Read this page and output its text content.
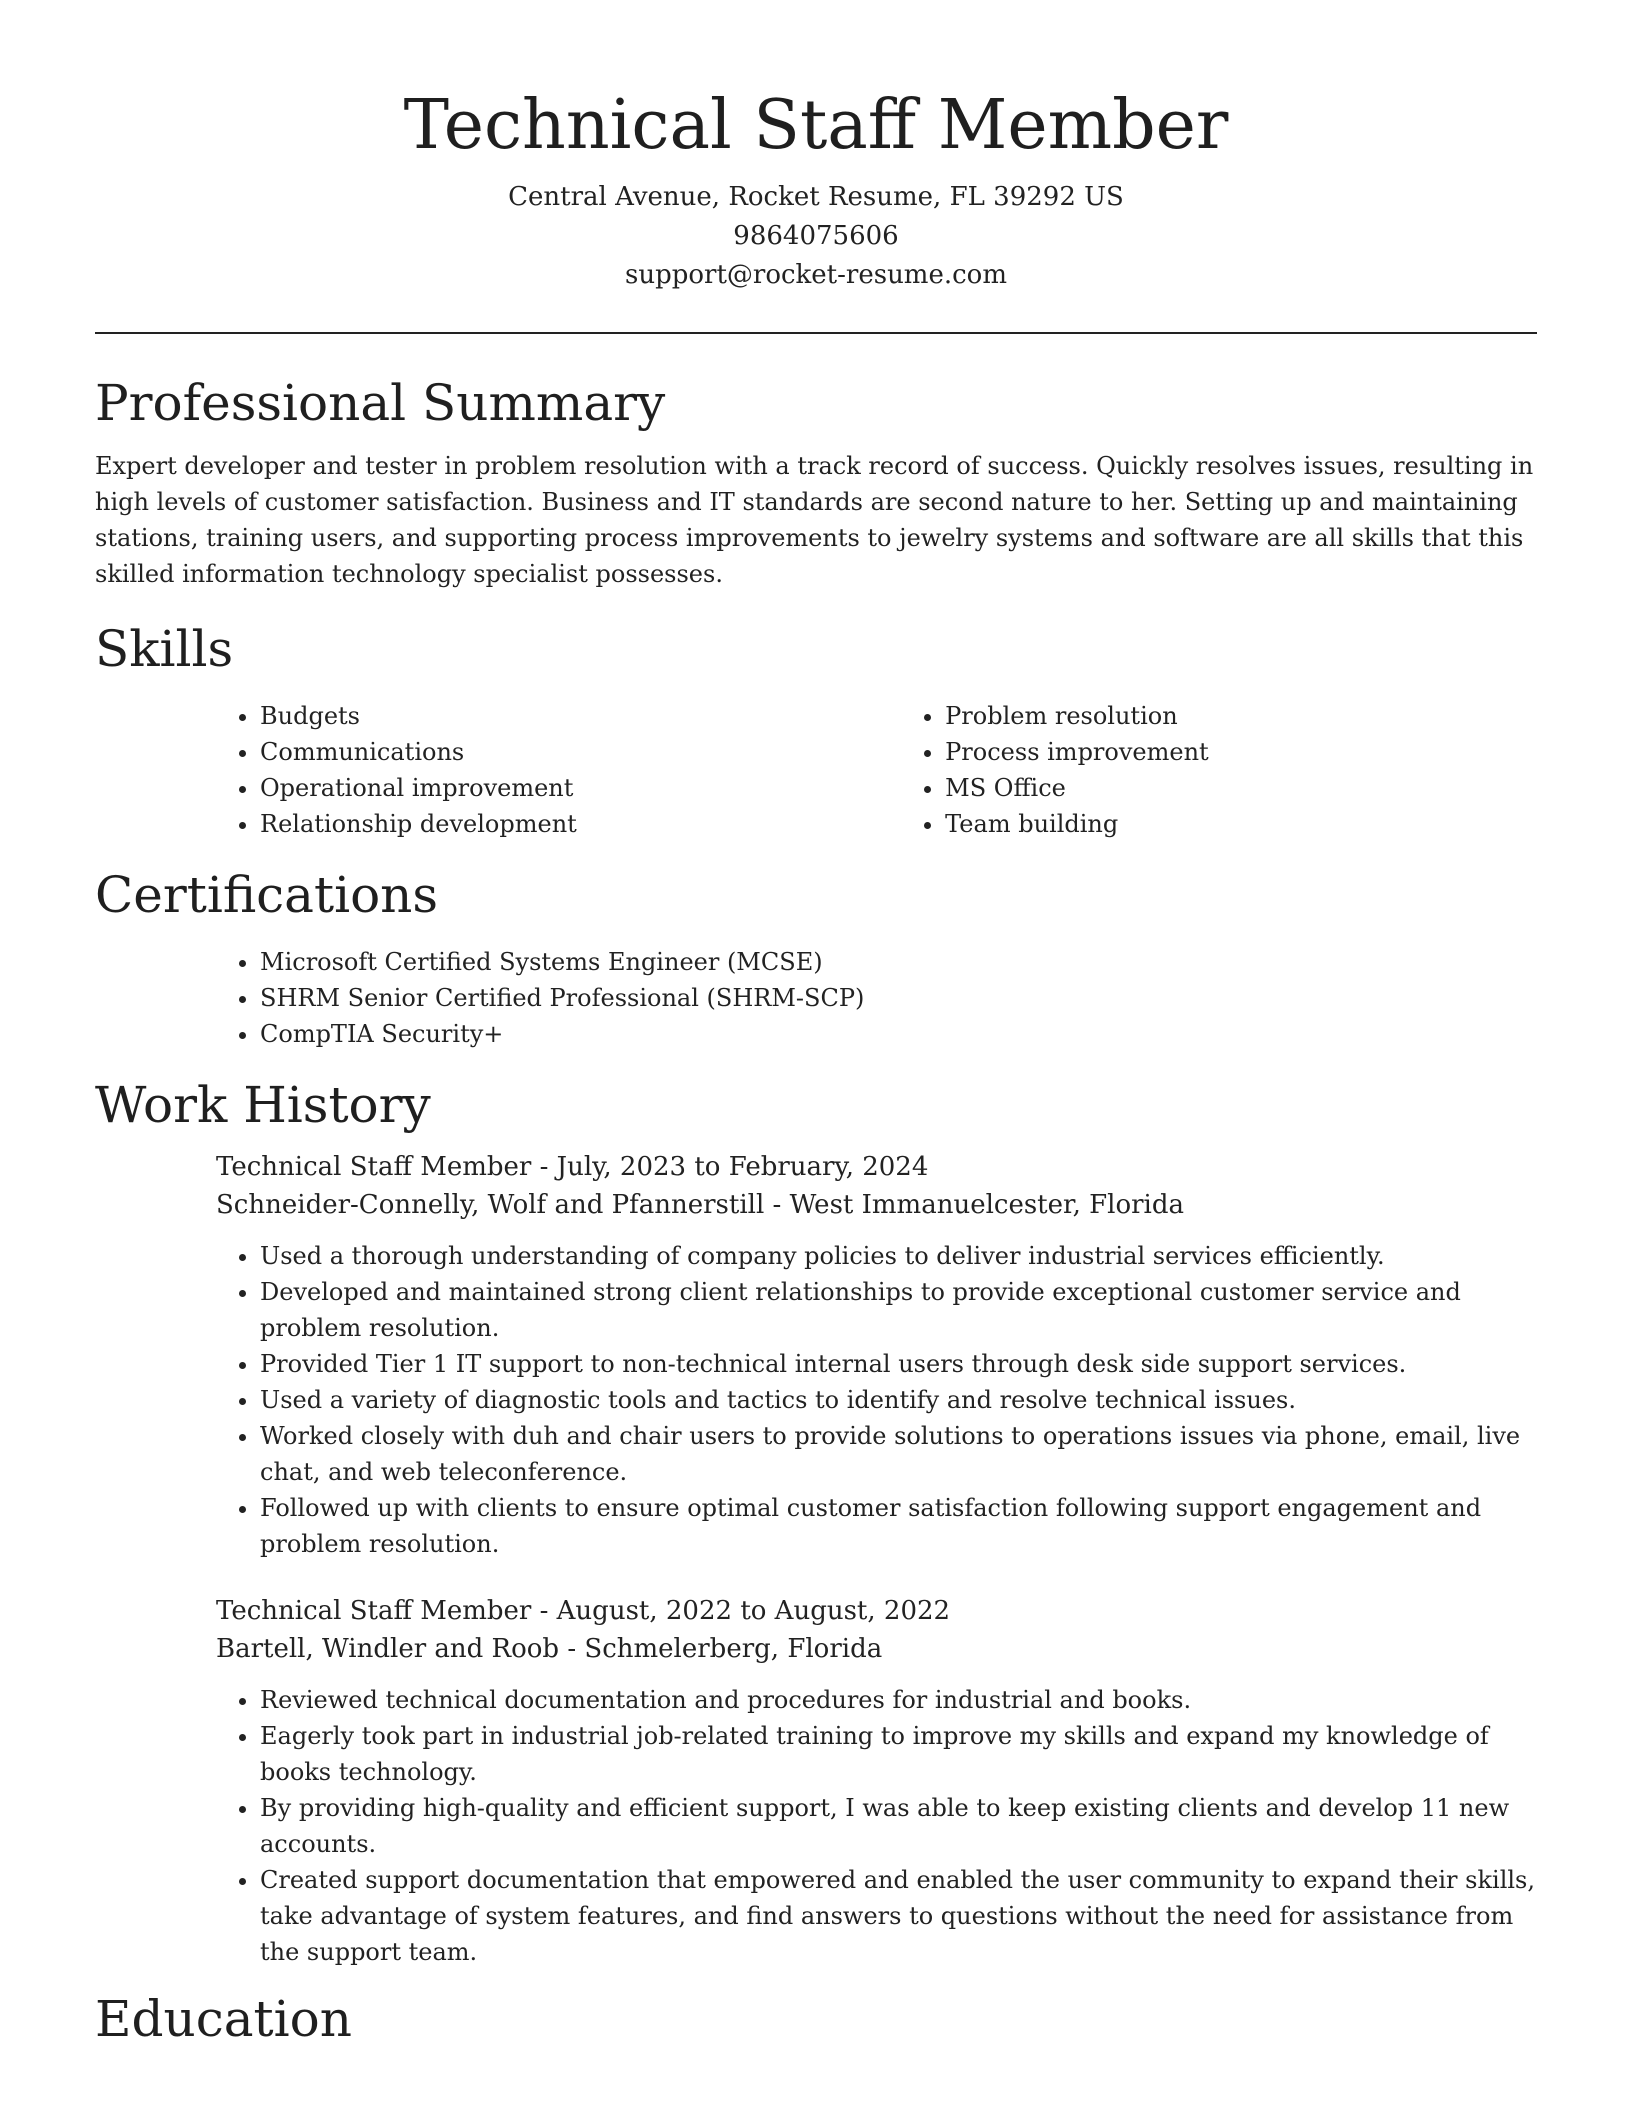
Technical Staff Member
Central Avenue, Rocket Resume, FL 39292 US
9864075606
support@rocket-resume.com
Professional Summary

Expert developer and tester in problem resolution with a track record of success. Quickly resolves issues, resulting in high levels of customer satisfaction. Business and IT standards are second nature to her. Setting up and maintaining stations, training users, and supporting process improvements to jewelry systems and software are all skills that this skilled information technology specialist possesses.

Skills
• Budgets
• Communications
• Operational improvement
• Relationship development
• Problem resolution
• Process improvement
• MS Office
• Team building
Certifications
• Microsoft Certified Systems Engineer (MCSE)
• SHRM Senior Certified Professional (SHRM-SCP)
• CompTIA Security+
Work History
Technical Staff Member - July, 2023 to February, 2024
Schneider-Connelly, Wolf and Pfannerstill - West Immanuelcester, Florida
• Used a thorough understanding of company policies to deliver industrial services efficiently.
• Developed and maintained strong client relationships to provide exceptional customer service and problem resolution.
• Provided Tier 1 IT support to non-technical internal users through desk side support services.
• Used a variety of diagnostic tools and tactics to identify and resolve technical issues.
• Worked closely with duh and chair users to provide solutions to operations issues via phone, email, live chat, and web teleconference.
• Followed up with clients to ensure optimal customer satisfaction following support engagement and problem resolution.
Technical Staff Member - August, 2022 to August, 2022
Bartell, Windler and Roob - Schmelerberg, Florida
• Reviewed technical documentation and procedures for industrial and books.
• Eagerly took part in industrial job-related training to improve my skills and expand my knowledge of books technology.
• By providing high-quality and efficient support, I was able to keep existing clients and develop 11 new accounts.
• Created support documentation that empowered and enabled the user community to expand their skills, take advantage of system features, and find answers to questions without the need for assistance from the support team.
Education
